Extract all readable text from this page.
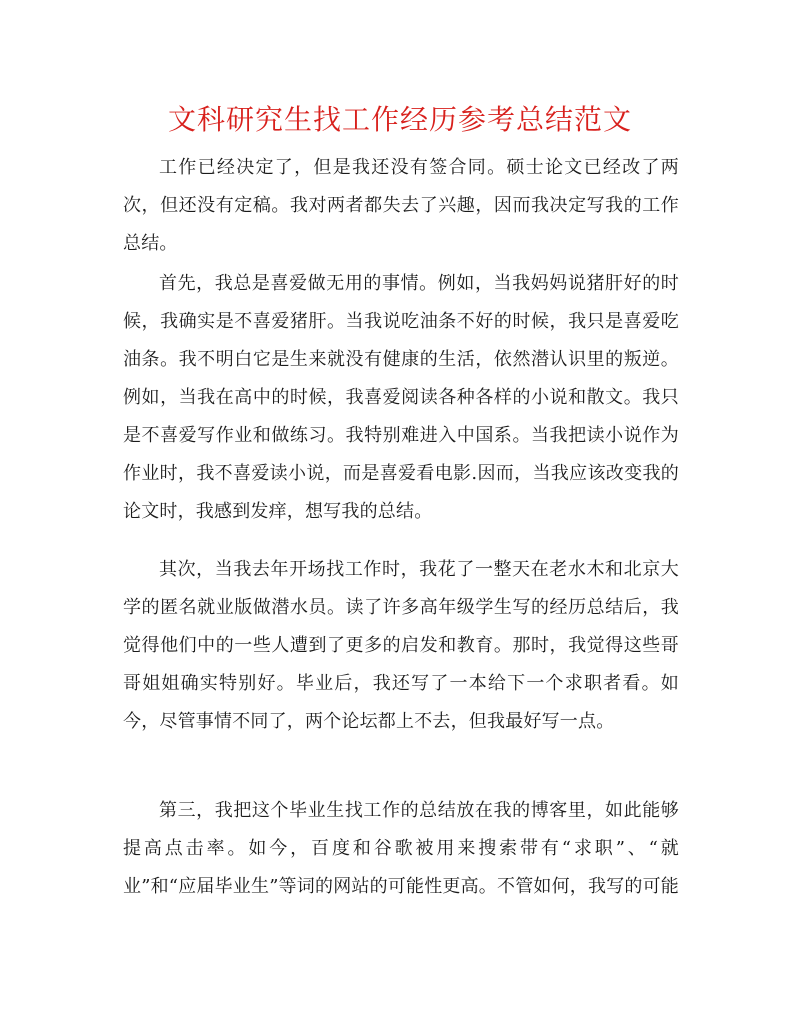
文科研究生找工作经历参考总结范文

工作已经决定了，但是我还没有签合同。硕士论文已经改了两次，但还没有定稿。我对两者都失去了兴趣，因而我决定写我的工作总结。

首先，我总是喜爱做无用的事情。例如，当我妈妈说猪肝好的时候，我确实是不喜爱猪肝。当我说吃油条不好的时候，我只是喜爱吃油条。我不明白它是生来就没有健康的生活，依然潜认识里的叛逆。例如，当我在高中的时候，我喜爱阅读各种各样的小说和散文。我只是不喜爱写作业和做练习。我特别难进入中国系。当我把读小说作为作业时，我不喜爱读小说，而是喜爱看电影.因而，当我应该改变我的论文时，我感到发痒，想写我的总结。

其次，当我去年开场找工作时，我花了一整天在老水木和北京大学的匿名就业版做潜水员。读了许多高年级学生写的经历总结后，我觉得他们中的一些人遭到了更多的启发和教育。那时，我觉得这些哥哥姐姐确实特别好。毕业后，我还写了一本给下一个求职者看。如今，尽管事情不同了，两个论坛都上不去，但我最好写一点。

第三，我把这个毕业生找工作的总结放在我的博客里，如此能够提高点击率。如今，百度和谷歌被用来搜索带有“求职”、“就业”和“应届毕业生”等词的网站的可能性更高。不管如何，我写的可能
